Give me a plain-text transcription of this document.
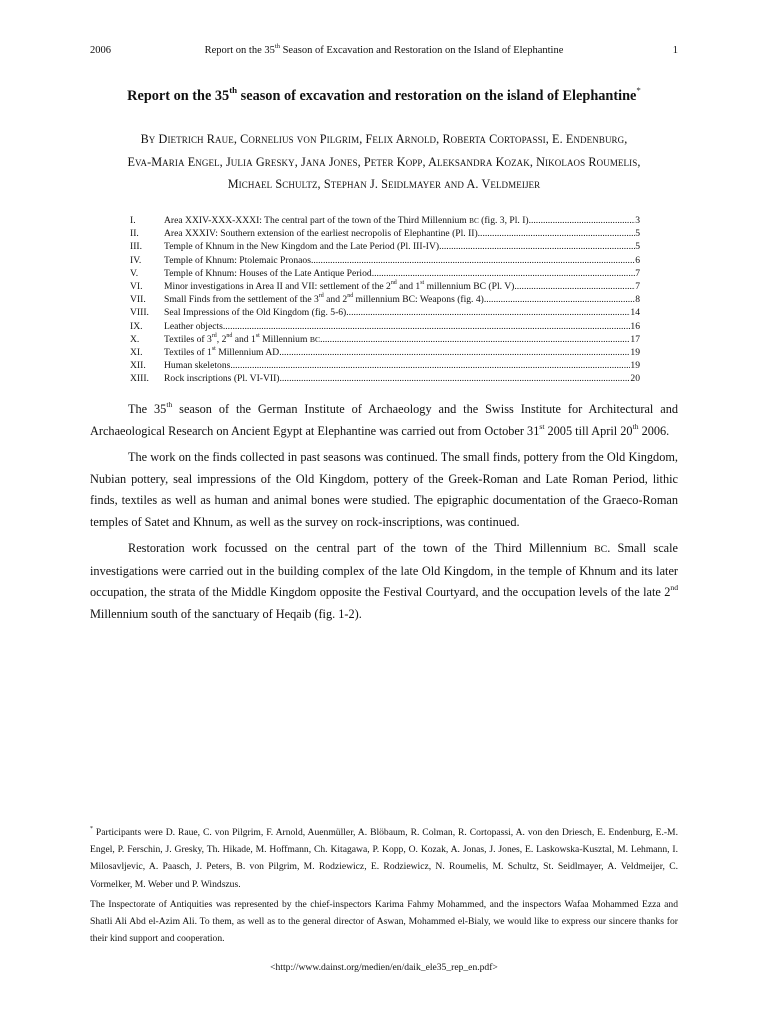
2006	Report on the 35th Season of Excavation and Restoration on the Island of Elephantine	1
Report on the 35th season of excavation and restoration on the island of Elephantine*
By Dietrich Raue, Cornelius von Pilgrim, Felix Arnold, Roberta Cortopassi, E. Endenburg,
Eva-Maria Engel, Julia Gresky, Jana Jones, Peter Kopp, Aleksandra Kozak, Nikolaos Roumelis,
Michael Schultz, Stephan J. Seidlmayer and A. Veldmeijer
I.	Area XXIV-XXX-XXXI: The central part of the town of the Third Millennium BC (fig. 3, Pl. I) .....	3
II.	Area XXXIV: Southern extension of the earliest necropolis of Elephantine (Pl. II) .....	5
III. Temple of Khnum in the New Kingdom and the Late Period (Pl. III-IV) .....	5
IV. Temple of Khnum: Ptolemaic Pronaos .....	6
V.	Temple of Khnum: Houses of the Late Antique Period .....	7
VI. Minor investigations in Area II and VII: settlement of the 2nd and 1st millennium BC (Pl. V) .....	7
VII. Small Finds from the settlement of the 3rd and 2nd millennium BC: Weapons (fig. 4) .....	8
VIII. Seal Impressions of the Old Kingdom (fig. 5-6) .....	14
IX. Leather objects .....	16
X.	Textiles of 3rd, 2nd and 1st Millennium BC .....	17
XI. Textiles of 1st Millennium AD .....	19
XII. Human skeletons .....	19
XIII. Rock inscriptions (Pl. VI-VII) .....	20

The 35th season of the German Institute of Archaeology and the Swiss Institute for Architectural and Archaeological Research on Ancient Egypt at Elephantine was carried out from October 31st 2005 till April 20th 2006.

The work on the finds collected in past seasons was continued. The small finds, pottery from the Old Kingdom, Nubian pottery, seal impressions of the Old Kingdom, pottery of the Greek-Roman and Late Roman Period, lithic finds, textiles as well as human and animal bones were studied. The epigraphic documentation of the Graeco-Roman temples of Satet and Khnum, as well as the survey on rock-inscriptions, was continued.

Restoration work focussed on the central part of the town of the Third Millennium BC. Small scale investigations were carried out in the building complex of the late Old Kingdom, in the temple of Khnum and its later occupation, the strata of the Middle Kingdom opposite the Festival Courtyard, and the occupation levels of the late 2nd Millennium south of the sanctuary of Heqaib (fig. 1-2).

* Participants were D. Raue, C. von Pilgrim, F. Arnold, Auenmüller, A. Blöbaum, R. Colman, R. Cortopassi, A. von den Driesch, E. Endenburg, E.-M. Engel, P. Ferschin, J. Gresky, Th. Hikade, M. Hoffmann, Ch. Kitagawa, P. Kopp, O. Kozak, A. Jonas, J. Jones, E. Laskowska-Kusztal, M. Lehmann, I. Milosavljevic, A. Paasch, J. Peters, B. von Pilgrim, M. Rodziewicz, E. Rodziewicz, N. Roumelis, M. Schultz, St. Seidlmayer, A. Veldmeijer, C. Vormelker, M. Weber und P. Windszus.

The Inspectorate of Antiquities was represented by the chief-inspectors Karima Fahmy Mohammed, and the inspectors Wafaa Mohammed Ezza and Shatli Ali Abd el-Azim Ali. To them, as well as to the general director of Aswan, Mohammed el-Bialy, we would like to express our sincere thanks for their kind support and cooperation.

<http://www.dainst.org/medien/en/daik_ele35_rep_en.pdf>
